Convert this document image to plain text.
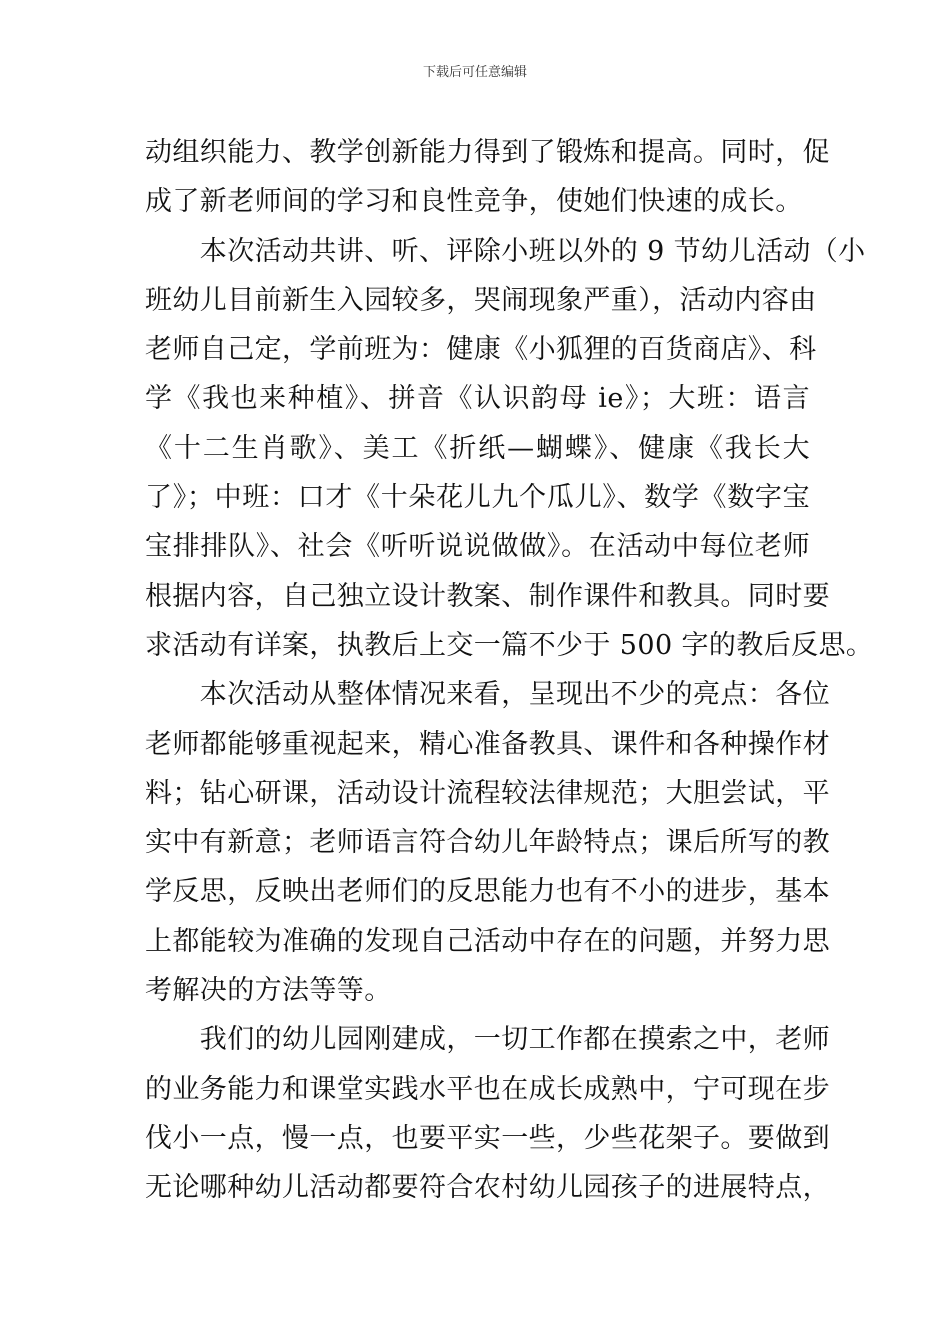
下载后可任意编辑
动组织能力、教学创新能力得到了锻炼和提高。同时，促
成了新老师间的学习和良性竞争，使她们快速的成长。
　　本次活动共讲、听、评除小班以外的 9 节幼儿活动（小
班幼儿目前新生入园较多，哭闹现象严重），活动内容由
老师自己定，学前班为：健康《小狐狸的百货商店》、科
学《我也来种植》、拼音《认识韵母 ie》；大班：语言
《十二生肖歌》、美工《折纸—蝴蝶》、健康《我长大
了》；中班：口才《十朵花儿九个瓜儿》、数学《数字宝
宝排排队》、社会《听听说说做做》。在活动中每位老师
根据内容，自己独立设计教案、制作课件和教具。同时要
求活动有详案，执教后上交一篇不少于 500 字的教后反思。
　　本次活动从整体情况来看，呈现出不少的亮点：各位
老师都能够重视起来，精心准备教具、课件和各种操作材
料；钻心研课，活动设计流程较法律规范；大胆尝试，平
实中有新意；老师语言符合幼儿年龄特点；课后所写的教
学反思，反映出老师们的反思能力也有不小的进步，基本
上都能较为准确的发现自己活动中存在的问题，并努力思
考解决的方法等等。
　　我们的幼儿园刚建成，一切工作都在摸索之中，老师
的业务能力和课堂实践水平也在成长成熟中，宁可现在步
伐小一点，慢一点，也要平实一些，少些花架子。要做到
无论哪种幼儿活动都要符合农村幼儿园孩子的进展特点，
